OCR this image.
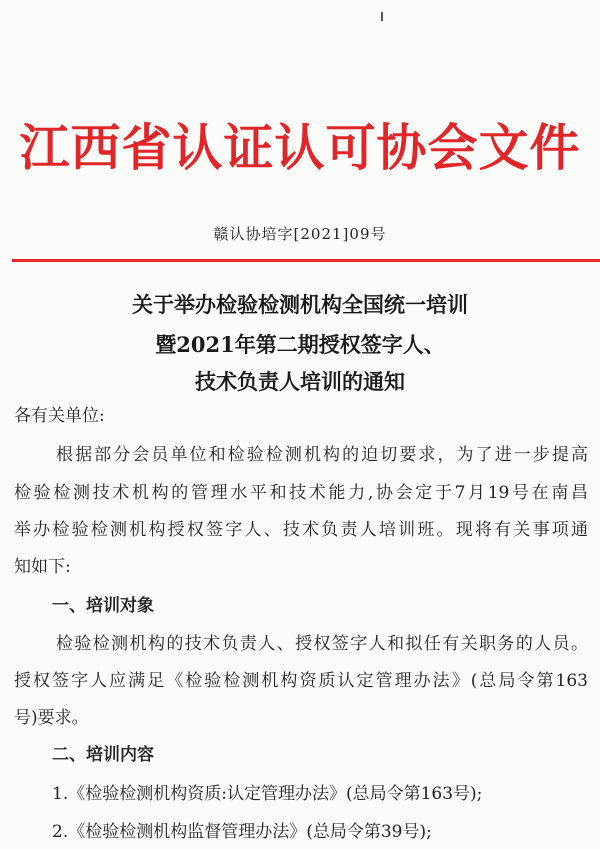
江西省认证认可协会文件
赣认协培字[2021]09号
关于举办检验检测机构全国统一培训
暨2021年第二期授权签字人、
技术负责人培训的通知
各有关单位:
根据部分会员单位和检验检测机构的迫切要求，为了进一步提高
检验检测技术机构的管理水平和技术能力,协会定于7月19号在南昌
举办检验检测机构授权签字人、技术负责人培训班。现将有关事项通
知如下:
一、培训对象
检验检测机构的技术负责人、授权签字人和拟任有关职务的人员。
授权签字人应满足《检验检测机构资质认定管理办法》(总局令第163
号)要求。
二、培训内容
1.《检验检测机构资质:认定管理办法》(总局令第163号);
2.《检验检测机构监督管理办法》(总局令第39号);
